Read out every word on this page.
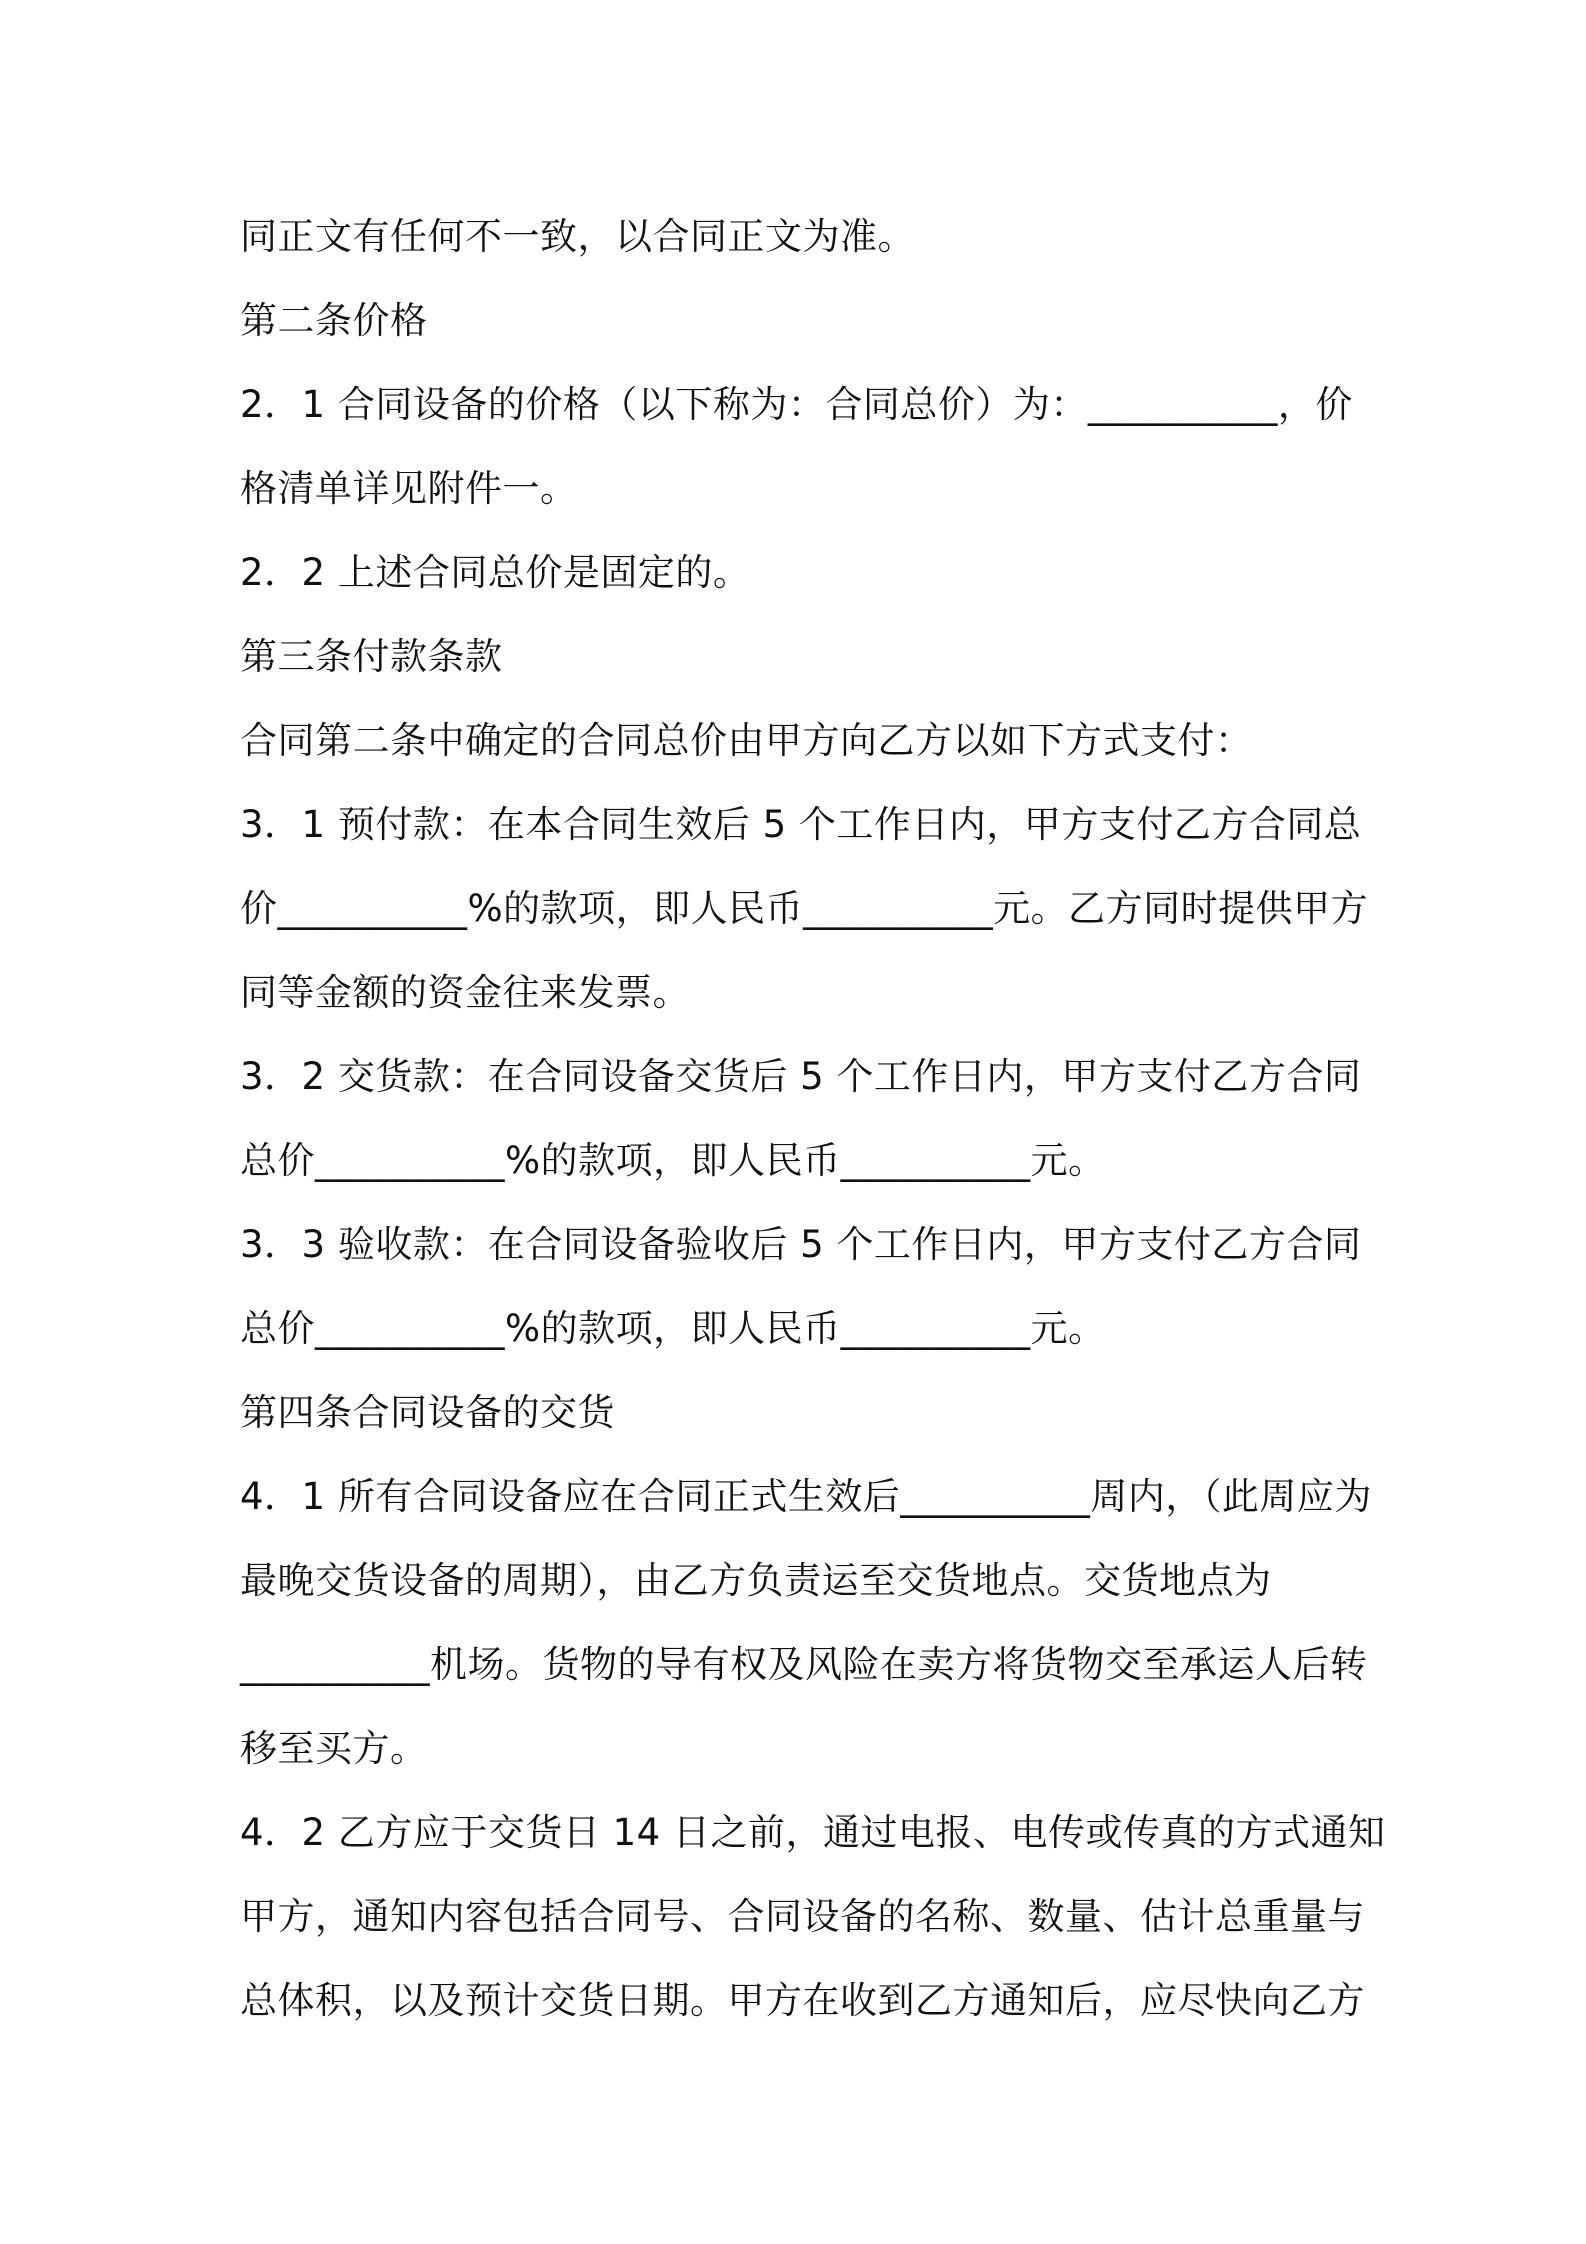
同正文有任何不一致，以合同正文为准。
第二条价格
2．1 合同设备的价格（以下称为：合同总价）为：__________，价
格清单详见附件一。
2．2 上述合同总价是固定的。
第三条付款条款
合同第二条中确定的合同总价由甲方向乙方以如下方式支付：
3．1 预付款：在本合同生效后 5 个工作日内，甲方支付乙方合同总
价__________%的款项，即人民币__________元。乙方同时提供甲方
同等金额的资金往来发票。
3．2 交货款：在合同设备交货后 5 个工作日内，甲方支付乙方合同
总价__________%的款项，即人民币__________元。
3．3 验收款：在合同设备验收后 5 个工作日内，甲方支付乙方合同
总价__________%的款项，即人民币__________元。
第四条合同设备的交货
4．1 所有合同设备应在合同正式生效后__________周内，（此周应为
最晚交货设备的周期），由乙方负责运至交货地点。交货地点为
__________机场。货物的导有权及风险在卖方将货物交至承运人后转
移至买方。
4．2 乙方应于交货日 14 日之前，通过电报、电传或传真的方式通知
甲方，通知内容包括合同号、合同设备的名称、数量、估计总重量与
总体积，以及预计交货日期。甲方在收到乙方通知后，应尽快向乙方
